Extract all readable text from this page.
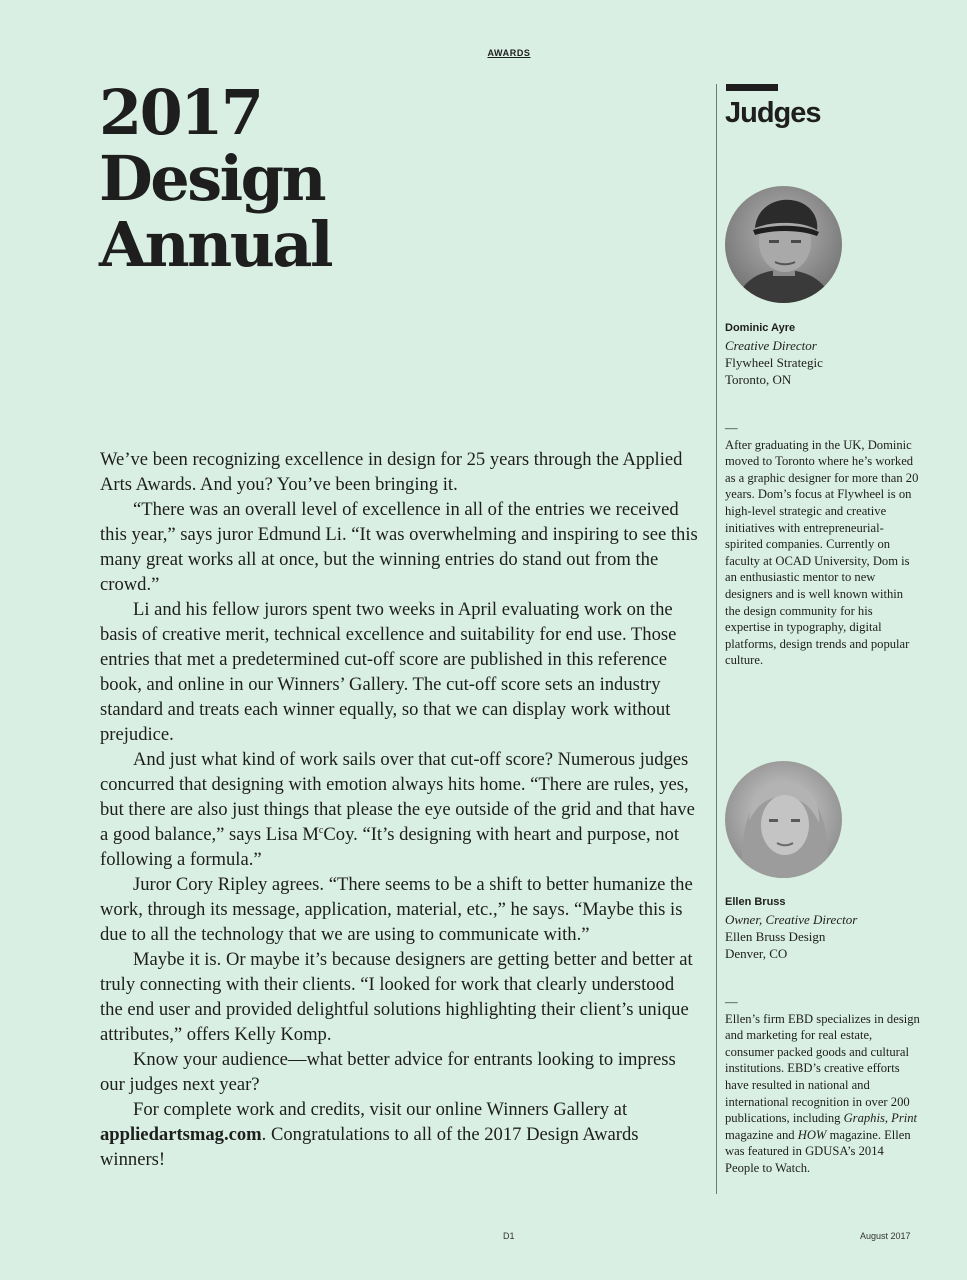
AWARDS
2017
Design
Annual

We’ve been recognizing excellence in design for 25 years through the Applied Arts Awards. And you? You’ve been bringing it.

“There was an overall level of excellence in all of the entries we received this year,” says juror Edmund Li. “It was overwhelming and inspiring to see this many great works all at once, but the winning entries do stand out from the crowd.”

Li and his fellow jurors spent two weeks in April evaluating work on the basis of creative merit, technical excellence and suitability for end use. Those entries that met a predetermined cut-off score are published in this reference book, and online in our Winners’ Gallery. The cut-off score sets an industry standard and treats each winner equally, so that we can display work without prejudice.

And just what kind of work sails over that cut-off score? Numerous judges concurred that designing with emotion always hits home. “There are rules, yes, but there are also just things that please the eye outside of the grid and that have a good balance,” says Lisa $M^cCoy$. “It’s designing with heart and purpose, not following a formula.”

Juror Cory Ripley agrees. “There seems to be a shift to better humanize the work, through its message, application, material, etc.,” he says. “Maybe this is due to all the technology that we are using to communicate with.”

Maybe it is. Or maybe it’s because designers are getting better and better at truly connecting with their clients. “I looked for work that clearly understood the end user and provided delightful solutions highlighting their client’s unique attributes,” offers Kelly Komp.

Know your audience—what better advice for entrants looking to impress our judges next year?

For complete work and credits, visit our online Winners Gallery at appliedartsmag.com. Congratulations to all of the 2017 Design Awards winners!

Judges
Dominic Ayre
Creative Director
Flywheel Strategic
Toronto, ON
—
After graduating in the UK, Dominic moved to Toronto where he’s worked as a graphic designer for more than 20 years. Dom’s focus at Flywheel is on high-level strategic and creative initiatives with entrepreneurial-spirited companies. Currently on faculty at OCAD University, Dom is an enthusiastic mentor to new designers and is well known within the design community for his expertise in typography, digital platforms, design trends and popular culture.
Ellen Bruss
Owner, Creative Director
Ellen Bruss Design
Denver, CO
—
Ellen’s firm EBD specializes in design and marketing for real estate, consumer packed goods and cultural institutions. EBD’s creative efforts have resulted in national and international recognition in over 200 publications, including Graphis, Print magazine and HOW magazine. Ellen was featured in GDUSA’s 2014 People to Watch.
D1	August 2017
